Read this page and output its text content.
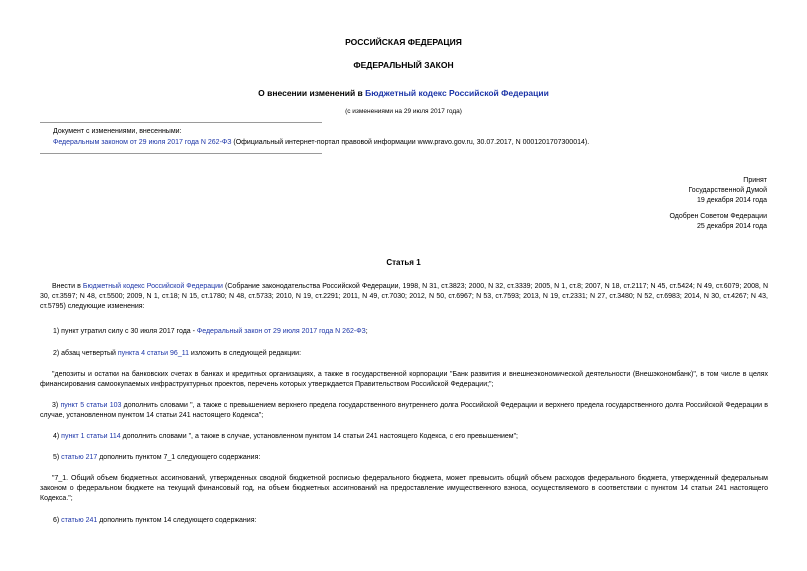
РОССИЙСКАЯ ФЕДЕРАЦИЯ
ФЕДЕРАЛЬНЫЙ ЗАКОН
О внесении изменений в Бюджетный кодекс Российской Федерации
(с изменениями на 29 июля 2017 года)
Документ с изменениями, внесенными:
Федеральным законом от 29 июля 2017 года N 262-ФЗ (Официальный интернет-портал правовой информации www.pravo.gov.ru, 30.07.2017, N 0001201707300014).
Принят
Государственной Думой
19 декабря 2014 года
Одобрен Советом Федерации
25 декабря 2014 года
Статья 1

Внести в Бюджетный кодекс Российской Федерации (Собрание законодательства Российской Федерации, 1998, N 31, ст.3823; 2000, N 32, ст.3339; 2005, N 1, ст.8; 2007, N 18, ст.2117; N 45, ст.5424; N 49, ст.6079; 2008, N 30, ст.3597; N 48, ст.5500; 2009, N 1, ст.18; N 15, ст.1780; N 48, ст.5733; 2010, N 19, ст.2291; 2011, N 49, ст.7030; 2012, N 50, ст.6967; N 53, ст.7593; 2013, N 19, ст.2331; N 27, ст.3480; N 52, ст.6983; 2014, N 30, ст.4267; N 43, ст.5795) следующие изменения:

1) пункт утратил силу с 30 июля 2017 года - Федеральный закон от 29 июля 2017 года N 262-ФЗ;

2) абзац четвертый пункта 4 статьи 96_11 изложить в следующей редакции:

"депозиты и остатки на банковских счетах в банках и кредитных организациях, а также в государственной корпорации "Банк развития и внешнеэкономической деятельности (Внешэкономбанк)", в том числе в целях финансирования самоокупаемых инфраструктурных проектов, перечень которых утверждается Правительством Российской Федерации;";

3) пункт 5 статьи 103 дополнить словами ", а также с превышением верхнего предела государственного внутреннего долга Российской Федерации и верхнего предела государственного долга Российской Федерации в случае, установленном пунктом 14 статьи 241 настоящего Кодекса";

4) пункт 1 статьи 114 дополнить словами ", а также в случае, установленном пунктом 14 статьи 241 настоящего Кодекса, с его превышением";

5) статью 217 дополнить пунктом 7_1 следующего содержания:

"7_1. Общий объем бюджетных ассигнований, утвержденных сводной бюджетной росписью федерального бюджета, может превысить общий объем расходов федерального бюджета, утвержденный федеральным законом о федеральном бюджете на текущий финансовый год, на объем бюджетных ассигнований на предоставление имущественного взноса, осуществляемого в соответствии с пунктом 14 статьи 241 настоящего Кодекса.";

6) статью 241 дополнить пунктом 14 следующего содержания:
